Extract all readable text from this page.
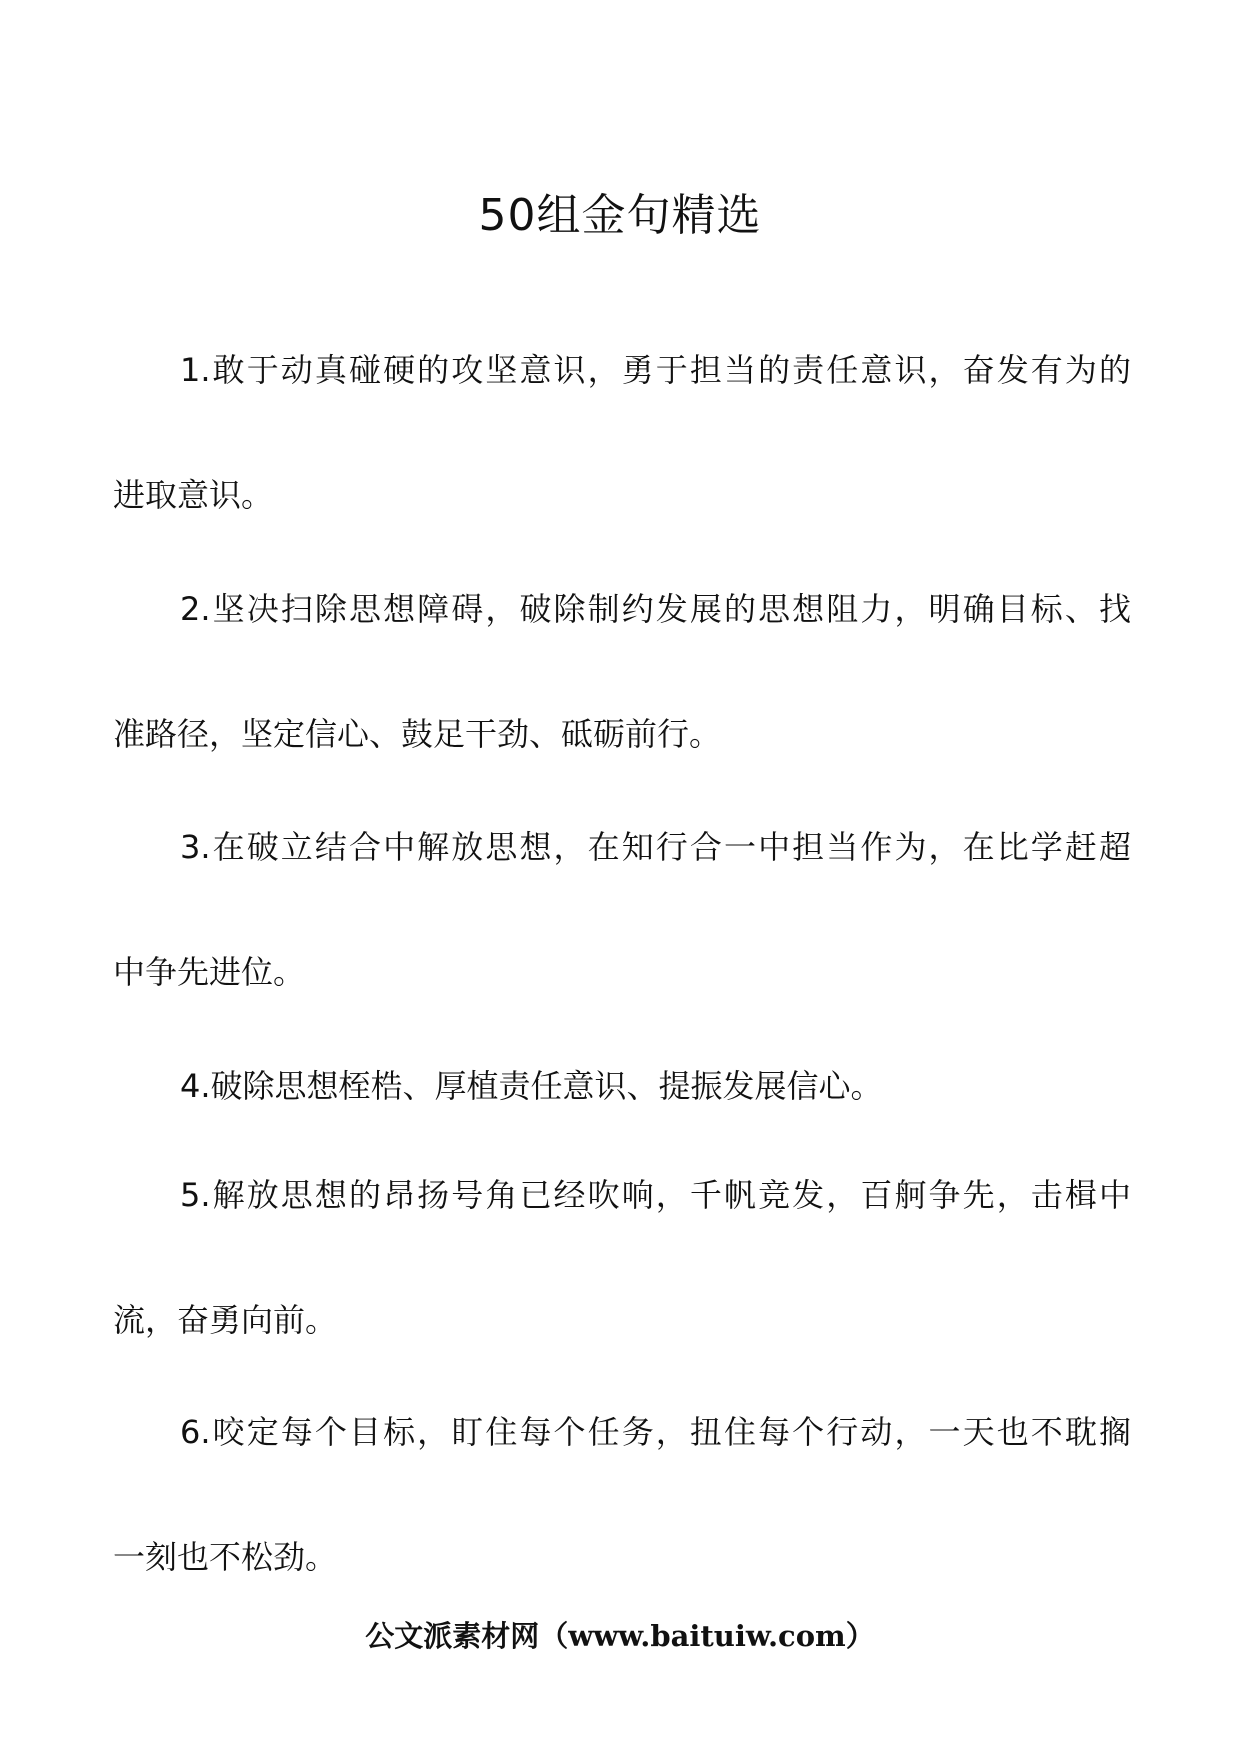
50组金句精选
1.敢于动真碰硬的攻坚意识，勇于担当的责任意识，奋发有为的
进取意识。
2.坚决扫除思想障碍，破除制约发展的思想阻力，明确目标、找
准路径，坚定信心、鼓足干劲、砥砺前行。
3.在破立结合中解放思想，在知行合一中担当作为，在比学赶超
中争先进位。
4.破除思想桎梏、厚植责任意识、提振发展信心。
5.解放思想的昂扬号角已经吹响，千帆竞发，百舸争先，击楫中
流，奋勇向前。
6.咬定每个目标，盯住每个任务，扭住每个行动，一天也不耽搁
一刻也不松劲。
公文派素材网（www.baituiw.com）
